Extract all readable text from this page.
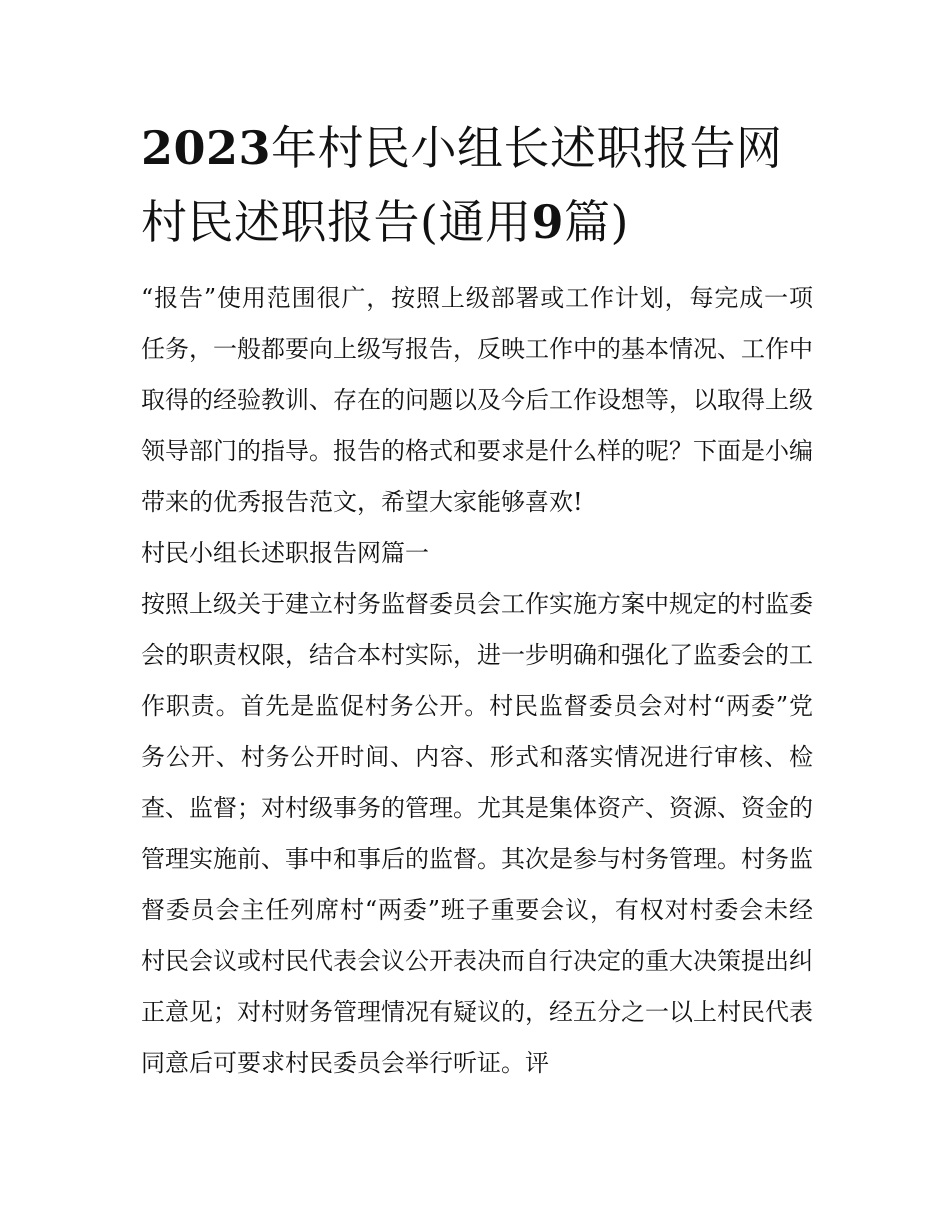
2023年村民小组长述职报告网
村民述职报告(通用9篇)

“报告”使用范围很广，按照上级部署或工作计划，每完成一项任务，一般都要向上级写报告，反映工作中的基本情况、工作中取得的经验教训、存在的问题以及今后工作设想等，以取得上级领导部门的指导。报告的格式和要求是什么样的呢？下面是小编带来的优秀报告范文，希望大家能够喜欢!

村民小组长述职报告网篇一

按照上级关于建立村务监督委员会工作实施方案中规定的村监委会的职责权限，结合本村实际，进一步明确和强化了监委会的工作职责。首先是监促村务公开。村民监督委员会对村“两委”党务公开、村务公开时间、内容、形式和落实情况进行审核、检查、监督；对村级事务的管理。尤其是集体资产、资源、资金的管理实施前、事中和事后的监督。其次是参与村务管理。村务监督委员会主任列席村“两委”班子重要会议，有权对村委会未经村民会议或村民代表会议公开表决而自行决定的重大决策提出纠正意见；对村财务管理情况有疑议的，经五分之一以上村民代表同意后可要求村民委员会举行听证。评
